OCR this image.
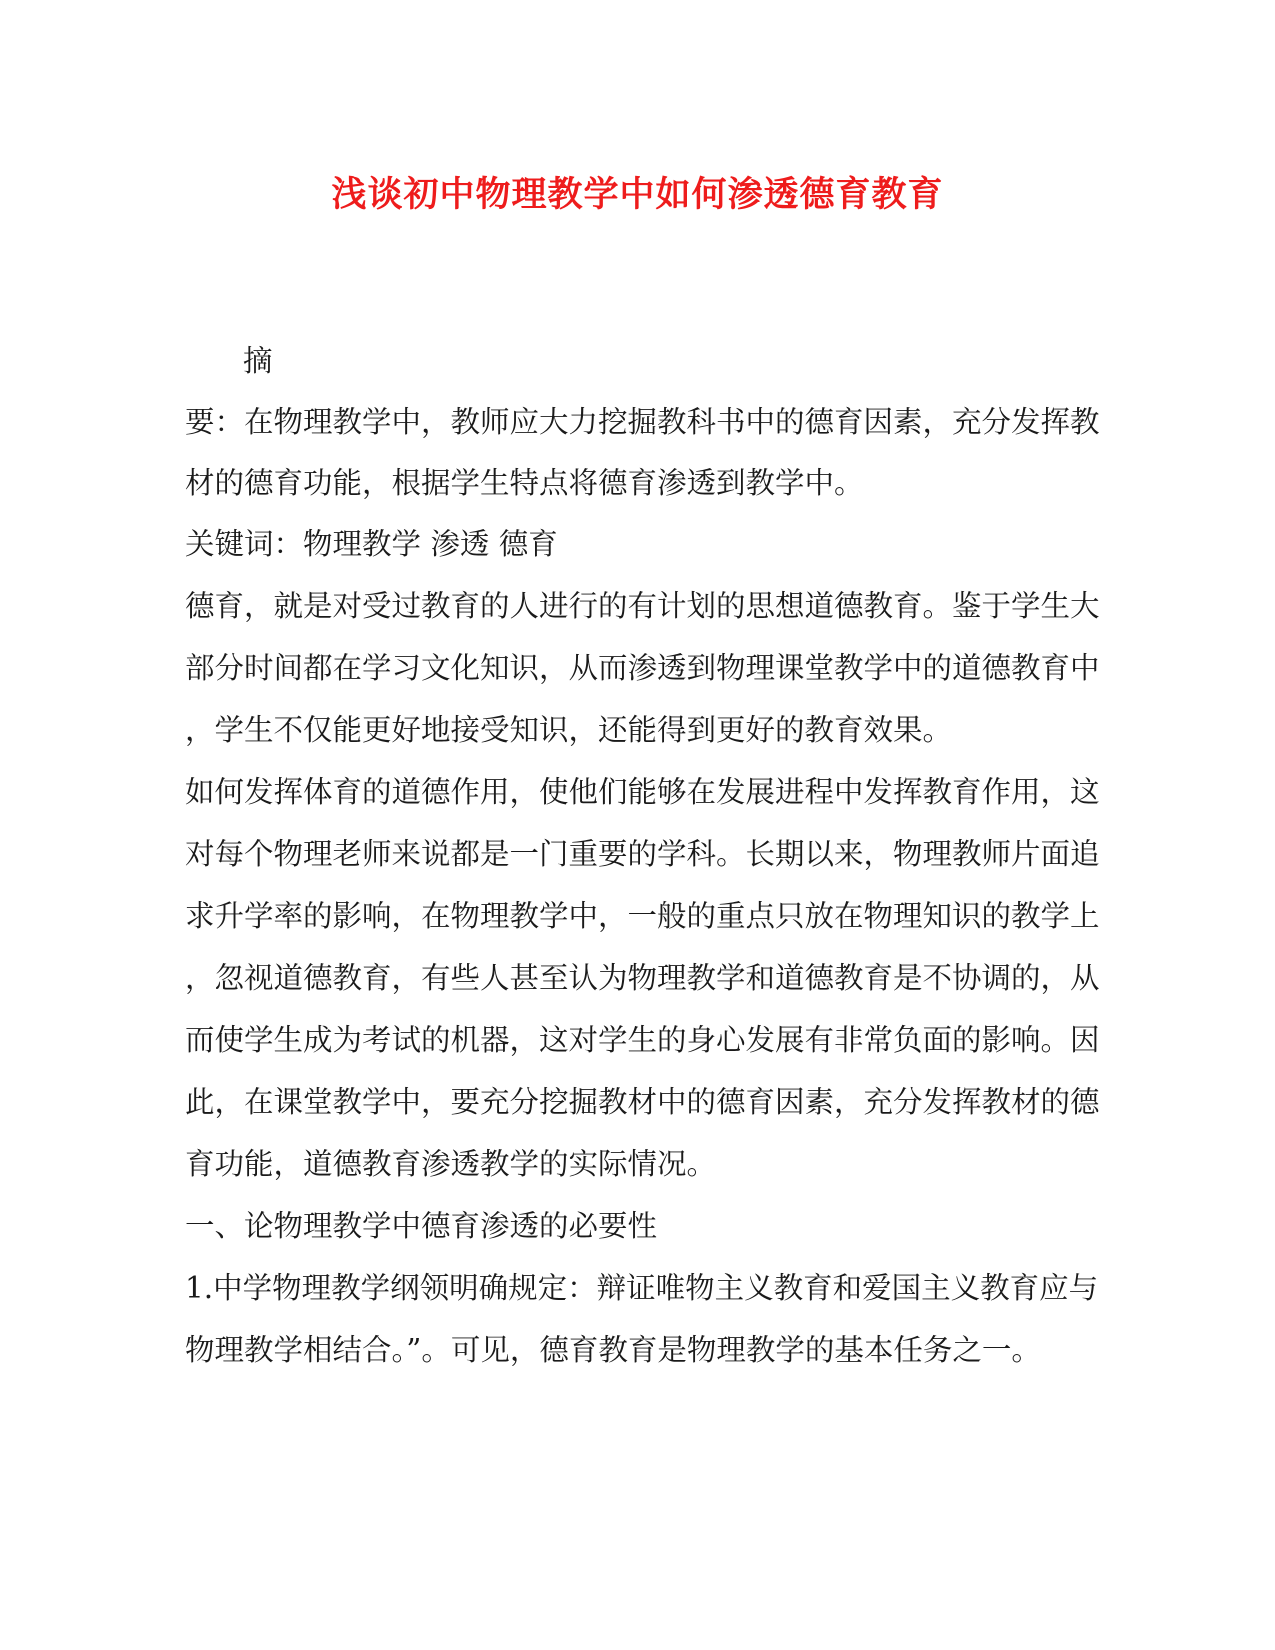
浅谈初中物理教学中如何渗透德育教育
摘
要：在物理教学中，教师应大力挖掘教科书中的德育因素，充分发挥教
材的德育功能，根据学生特点将德育渗透到教学中。
关键词：物理教学 渗透 德育
德育，就是对受过教育的人进行的有计划的思想道德教育。鉴于学生大
部分时间都在学习文化知识，从而渗透到物理课堂教学中的道德教育中
，学生不仅能更好地接受知识，还能得到更好的教育效果。
如何发挥体育的道德作用，使他们能够在发展进程中发挥教育作用，这
对每个物理老师来说都是一门重要的学科。长期以来，物理教师片面追
求升学率的影响，在物理教学中，一般的重点只放在物理知识的教学上
，忽视道德教育，有些人甚至认为物理教学和道德教育是不协调的，从
而使学生成为考试的机器，这对学生的身心发展有非常负面的影响。因
此，在课堂教学中，要充分挖掘教材中的德育因素，充分发挥教材的德
育功能，道德教育渗透教学的实际情况。
一、论物理教学中德育渗透的必要性
1.中学物理教学纲领明确规定：辩证唯物主义教育和爱国主义教育应与
物理教学相结合。”。可见，德育教育是物理教学的基本任务之一。
